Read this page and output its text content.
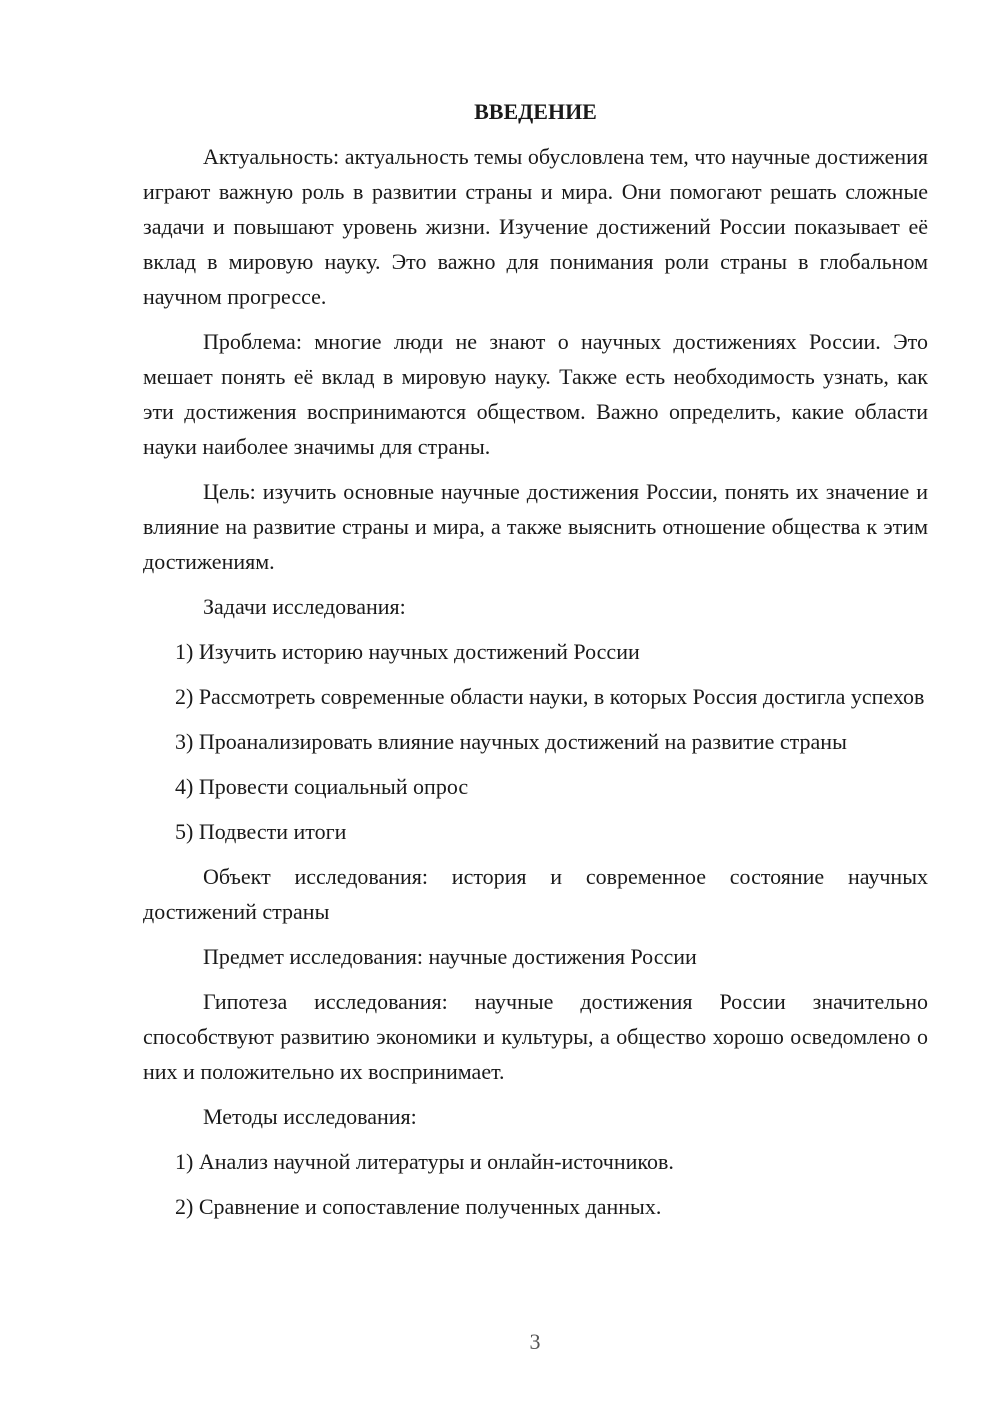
ВВЕДЕНИЕ

Актуальность: актуальность темы обусловлена тем, что научные достижения играют важную роль в развитии страны и мира. Они помогают решать сложные задачи и повышают уровень жизни. Изучение достижений России показывает её вклад в мировую науку. Это важно для понимания роли страны в глобальном научном прогрессе.

Проблема: многие люди не знают о научных достижениях России. Это мешает понять её вклад в мировую науку. Также есть необходимость узнать, как эти достижения воспринимаются обществом. Важно определить, какие области науки наиболее значимы для страны.

Цель: изучить основные научные достижения России, понять их значение и влияние на развитие страны и мира, а также выяснить отношение общества к этим достижениям.

Задачи исследования:

1) Изучить историю научных достижений России

2) Рассмотреть современные области науки, в которых Россия достигла успехов

3) Проанализировать влияние научных достижений на развитие страны

4) Провести социальный опрос

5) Подвести итоги

Объект исследования: история и современное состояние научных достижений страны

Предмет исследования: научные достижения России

Гипотеза исследования: научные достижения России значительно способствуют развитию экономики и культуры, а общество хорошо осведомлено о них и положительно их воспринимает.

Методы исследования:

1) Анализ научной литературы и онлайн-источников.

2) Сравнение и сопоставление полученных данных.

3
